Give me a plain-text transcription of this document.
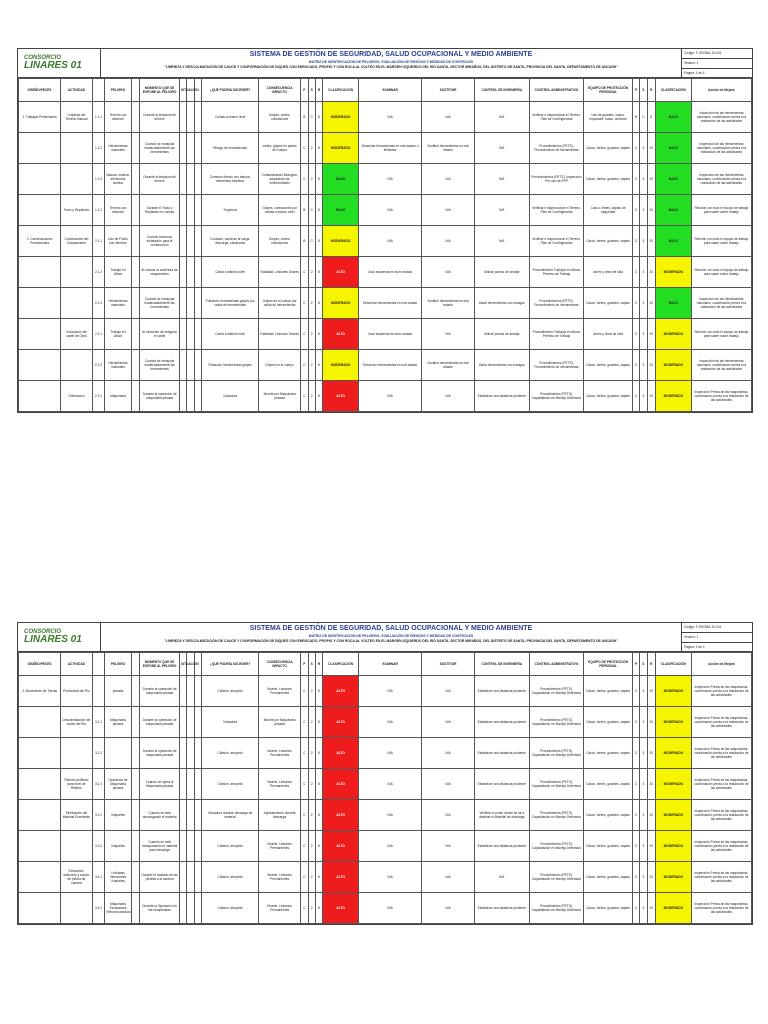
CONSORCIO
LINARES 01
SISTEMA DE GESTIÓN DE SEGURIDAD, SALUD OCUPACIONAL Y MEDIO AMBIENTE
MATRIZ DE IDENTIFICACIÓN DE PELIGROS, EVALUACIÓN DE RIESGOS Y MEDIDAS DE CONTROLES
"LIMPIEZA Y DESCOLMATACIÓN DE CAUCE Y CONFORMACIÓN DE DIQUES CON ENROCADO, PROPIO Y CON ROCA AL VOLTEO EN EL MÁRGEN IZQUIERDO DEL RÍO SANTA, SECTOR MIRAÑOS, DEL DISTRITO DE SANTA, PROVINCIA DEL SANTA, DEPARTAMENTO DE ANCASH"
Código: F-SSOMA-15-001
Versión: 1
Página: 1 de 4
DISEÑO/PECES	ACTIVIDAD		PELIGRO		MOMENTO QUE SE EXPONE AL PELIGRO	SITUACIÓN			¿QUÉ PODRÍA SUCEDER?	CONSECUENCIA IMPACTO	P	S	R	CLASIFICACIÓN	ELIMINAR	SUSTITUIR	CONTROL DE INGENIERÍA	CONTROL ADMINISTRATIVO	EQUIPO DE PROTECCIÓN PERSONAL	P	S	R	CLASIFICACIÓN	Acción de Mejora
1. Trabajos Preliminares	Limpieza del Terreno Manual	1.1.1	Terreno con desnivel		Durante la limpieza del terreno				Caídas a mismo nivel	Golpes, cortes, contusiones	B	C	8	MODERADO	N/A	N/A	N/A	Verificar e inspeccionar el Terreno, Plan de Contingencias	Uso de guantes, casco, respirador, botas, uniforme	B	C	8	BAJO	Inspección de las herramientas manuales, coordinación previa a la realización de las actividades
		1.1.2	Herramientas manuales		Cuando se manipula inadecuadamente las herramientas				Riesgo de herramientas	cortes, golpes en partes del cuerpo	C	2	8	MODERADO	Desechar herramientas en mal estado o limitadas	Sustituir herramientas en mal estado	N/A	Procedimientos (PETS), Procedimiento de herramientas	Casco, lentes, guantes, zapato	C	3	20	BAJO	Inspección de las herramientas manuales, coordinación previa a la realización de las actividades
		1.1.3	Basura, maleza, elementos sueltos		Durante la limpieza del terreno				Contacto directo con basura, elementos extraños	Contaminación Biológica, adquisición de enfermedades	C	2	8	BAJO	N/A	N/A	N/A	Procedimientos (PETS), Inspección Pre-uso de EPP	Casco, lentes, guantes, zapato	C	3	20	BAJO	Inspección de las herramientas manuales, coordinación previa a la realización de las actividades
	Trazo y Replanteo	1.2.1	Terreno con desnivel		Durante el Trazo y Replanteo en campo				Tropiezos	Golpes, contusiones por caídas a mismo nivel	B	C	8	BAJO	N/A	N/A	N/A	Verificar e inspeccionar el Terreno, Plan de Contingencias	Casco, lentes, zapato de seguridad	C	3	20	BAJO	Reunión con todo el equipo de trabajo para saber sobre trabajo
2. Construcciones Provisionales	Construcción del Campamento	2.1.1	Uso de Fluido con eléctrico		Cuando hacemos instalación para la construcción				Contacto, caída de la carga, descarga, calcinados	Golpes, cortes, contusiones	B	C	8	MODERADO	N/A	N/A	N/A	Verificar e inspeccionar el Terreno, Plan de Contingencias	Casco, lentes, guantes, zapato	C	3	20	BAJO	Reunión con todo el equipo de trabajo para saber sobre trabajo
		2.1.2	Trabajo en Altura		Al colocar la cobertura de campamento				Caída a distinto nivel	Fatalidad, Lesiones Graves	C	2	8	ALTO	Usar escaleras en buen estado	N/A	Utilizar puntos de anclaje	Procedimiento Trabajos en Altura, Permiso de Trabajo	Arnés y línea de vida	C	3	20	MODERADO	Reunión con todo el equipo de trabajo para saber sobre trabajo
		2.1.3	Herramientas manuales		Cuando se manipula inadecuadamente las herramientas				Pulsación herramientas golpes por caída de herramientas	Golpes en el cuerpo por caída de herramientas	C	2	8	MODERADO	Desechar herramientas en mal estado	Sustituir herramientas en mal estado	Aislar herramientas con mangos	Procedimientos (PETS), Procedimiento de herramientas	Casco, lentes, guantes, zapato	C	3	20	BAJO	Inspección de las herramientas manuales, coordinación previa a la realización de las actividades
	Colocación del cartel de Obra	2.2.1	Trabajo en Altura		Al momento de asegurar el cartel				Caída a distinto nivel	Fatalidad, Lesiones Graves	C	2	8	ALTO	Usar escaleras en buen estado	N/A	Utilizar puntos de anclaje	Procedimiento Trabajos en Altura, Permiso de Trabajo	Arnés y línea de vida	C	3	20	MODERADO	Reunión con todo el equipo de trabajo para saber sobre trabajo
		2.2.2	Herramientas manuales		Cuando se manipula inadecuadamente las herramientas				Pulsación herramientas golpes	Golpes en el cuerpo	C	2	8	MODERADO	Desechar herramientas en mal estado	Sustituir herramientas en mal estado	Aislar herramientas con mangos	Procedimientos (PETS), Procedimiento de herramientas	Casco, lentes, guantes, zapato	C	3	20	MODERADO	Inspección de las herramientas manuales, coordinación previa a la realización de las actividades
	Orientación	2.3.1	Maquinaria		Durante la operación de maquinaria pesada				Volcadura	Muerte por Maquinaria pesada	C	2	8	ALTO	N/A	N/A	Establecer una distancia prudente	Procedimiento (PETS), Capacitación en Manejo Defensivo	Casco, lentes, guantes, zapato	C	3	20	MODERADO	Inspección Previa de las maquinarias, coordinación previa a la realización de las actividades
CONSORCIO
LINARES 01
SISTEMA DE GESTIÓN DE SEGURIDAD, SALUD OCUPACIONAL Y MEDIO AMBIENTE
MATRIZ DE IDENTIFICACIÓN DE PELIGROS, EVALUACIÓN DE RIESGOS Y MEDIDAS DE CONTROLES
"LIMPIEZA Y DESCOLMATACIÓN DE CAUCE Y CONFORMACIÓN DE DIQUES CON ENROCADO, PROPIO Y CON ROCA AL VOLTEO EN EL MÁRGEN IZQUIERDO DEL RÍO SANTA, SECTOR MIRAÑOS, DEL DISTRITO DE SANTA, PROVINCIA DEL SANTA, DEPARTAMENTO DE ANCASH"
Código: F-SSOMA-15-001
Versión: 1
Página: 2 de 4
DISEÑO/PECES	ACTIVIDAD		PELIGRO		MOMENTO QUE SE EXPONE AL PELIGRO	SITUACIÓN			¿QUÉ PODRÍA SUCEDER?	CONSECUENCIA IMPACTO	P	S	R	CLASIFICACIÓN	ELIMINAR	SUSTITUIR	CONTROL DE INGENIERÍA	CONTROL ADMINISTRATIVO	EQUIPO DE PROTECCIÓN PERSONAL	P	S	R	CLASIFICACIÓN	Acción de Mejora
3. Movimiento de Tierras	Provisional del Río		pesada		Durante la operación de maquinaria pesada				Colisión, atropello	Muerte, Lesiones Permanentes	C	2	8	ALTO	N/A	N/A	Establecer una distancia prudente	Procedimiento (PETS), Capacitación en Manejo Defensivo	Casco, lentes, guantes, zapato	C	3	20	MODERADO	Inspección Previa de las maquinarias, coordinación previa a la realización de las actividades
	Descolmatación del cauce del Río	3.1.1	Maquinaria pesada		Durante la operación de maquinaria pesada				Volcadura	Muerte por Maquinaria pesada	C	2	8	ALTO	N/A	N/A	Establecer una distancia prudente	Procedimiento (PETS), Capacitación en Manejo Defensivo	Casco, lentes, guantes, zapato	C	3	20	MODERADO	Inspección Previa de las maquinarias, coordinación previa a la realización de las actividades
		3.1.2			Durante la operación de maquinaria pesada				Colisión, atropello	Muerte, Lesiones Permanentes	C	2	8	ALTO	N/A	N/A	Establecer una distancia prudente	Procedimiento (PETS), Capacitación en Manejo Defensivo	Casco, lentes, guantes, zapato	C	3	20	MODERADO	Inspección Previa de las maquinarias, coordinación previa a la realización de las actividades
	Relleno perfilado para nivel de Relleno	3.2.1	Operación de Maquinaria pesada		Cuando se opera la Maquinaria pesada				Colisión, atropello	Muerte, Lesiones Permanentes	C	2	8	ALTO	N/A	N/A	Establecer una distancia prudente	Procedimiento (PETS), Capacitación en Manejo Defensivo	Casco, lentes, guantes, zapato	C	3	20	MODERADO	Inspección Previa de las maquinarias, coordinación previa a la realización de las actividades
	Eliminación del Material Excedente	3.3.1	Volquetes		Cuando se está descargando el material				Volcadura durante descarga de material	Aplastamiento durante descarga	C	2	8	ALTO	N/A	N/A	Verificar el punto donde se va a destinar el Material de descarga	Procedimiento (PETS), Capacitación en Manejo Defensivo	Casco, lentes, guantes, zapato	C	3	20	MODERADO	Inspección Previa de las maquinarias, coordinación previa a la realización de las actividades
		3.3.2	Volquetes		Cuando se está transportando el material para descarga				Colisión, atropello	Muerte, Lesiones Permanentes	C	2	8	ALTO	N/A	N/A	Establecer una distancia prudente	Procedimiento (PETS), Capacitación en Manejo Defensivo	Casco, lentes, guantes, zapato	C	3	20	MODERADO	Inspección Previa de las maquinarias, coordinación previa a la realización de las actividades
	Extracción, selección y acopio de piedra de cantera	3.4.1	Unidades Vehiculares Volquetes		Durante el traslado de las piedras a la cantera				Colisión, atropello	Muerte, Lesiones Permanentes	C	2	8	ALTO	N/A	N/A	N/A	Procedimiento (PETS), Capacitación en Manejo Defensivo	Casco, lentes, guantes, zapato	C	3	20	MODERADO	Inspección Previa de las maquinarias, coordinación previa a la realización de las actividades
		3.4.2	Maquinaria Excavadora Retroexcavadora		Durante la Operación de las maquinarias				Colisión, atropello	Muerte, Lesiones Permanentes	C	2	8	ALTO	N/A	N/A	Establecer una distancia prudente	Procedimiento (PETS), Capacitación en Manejo Defensivo	Casco, lentes, guantes, zapato	C	3	20	MODERADO	Inspección Previa de las maquinarias, coordinación previa a la realización de las actividades
